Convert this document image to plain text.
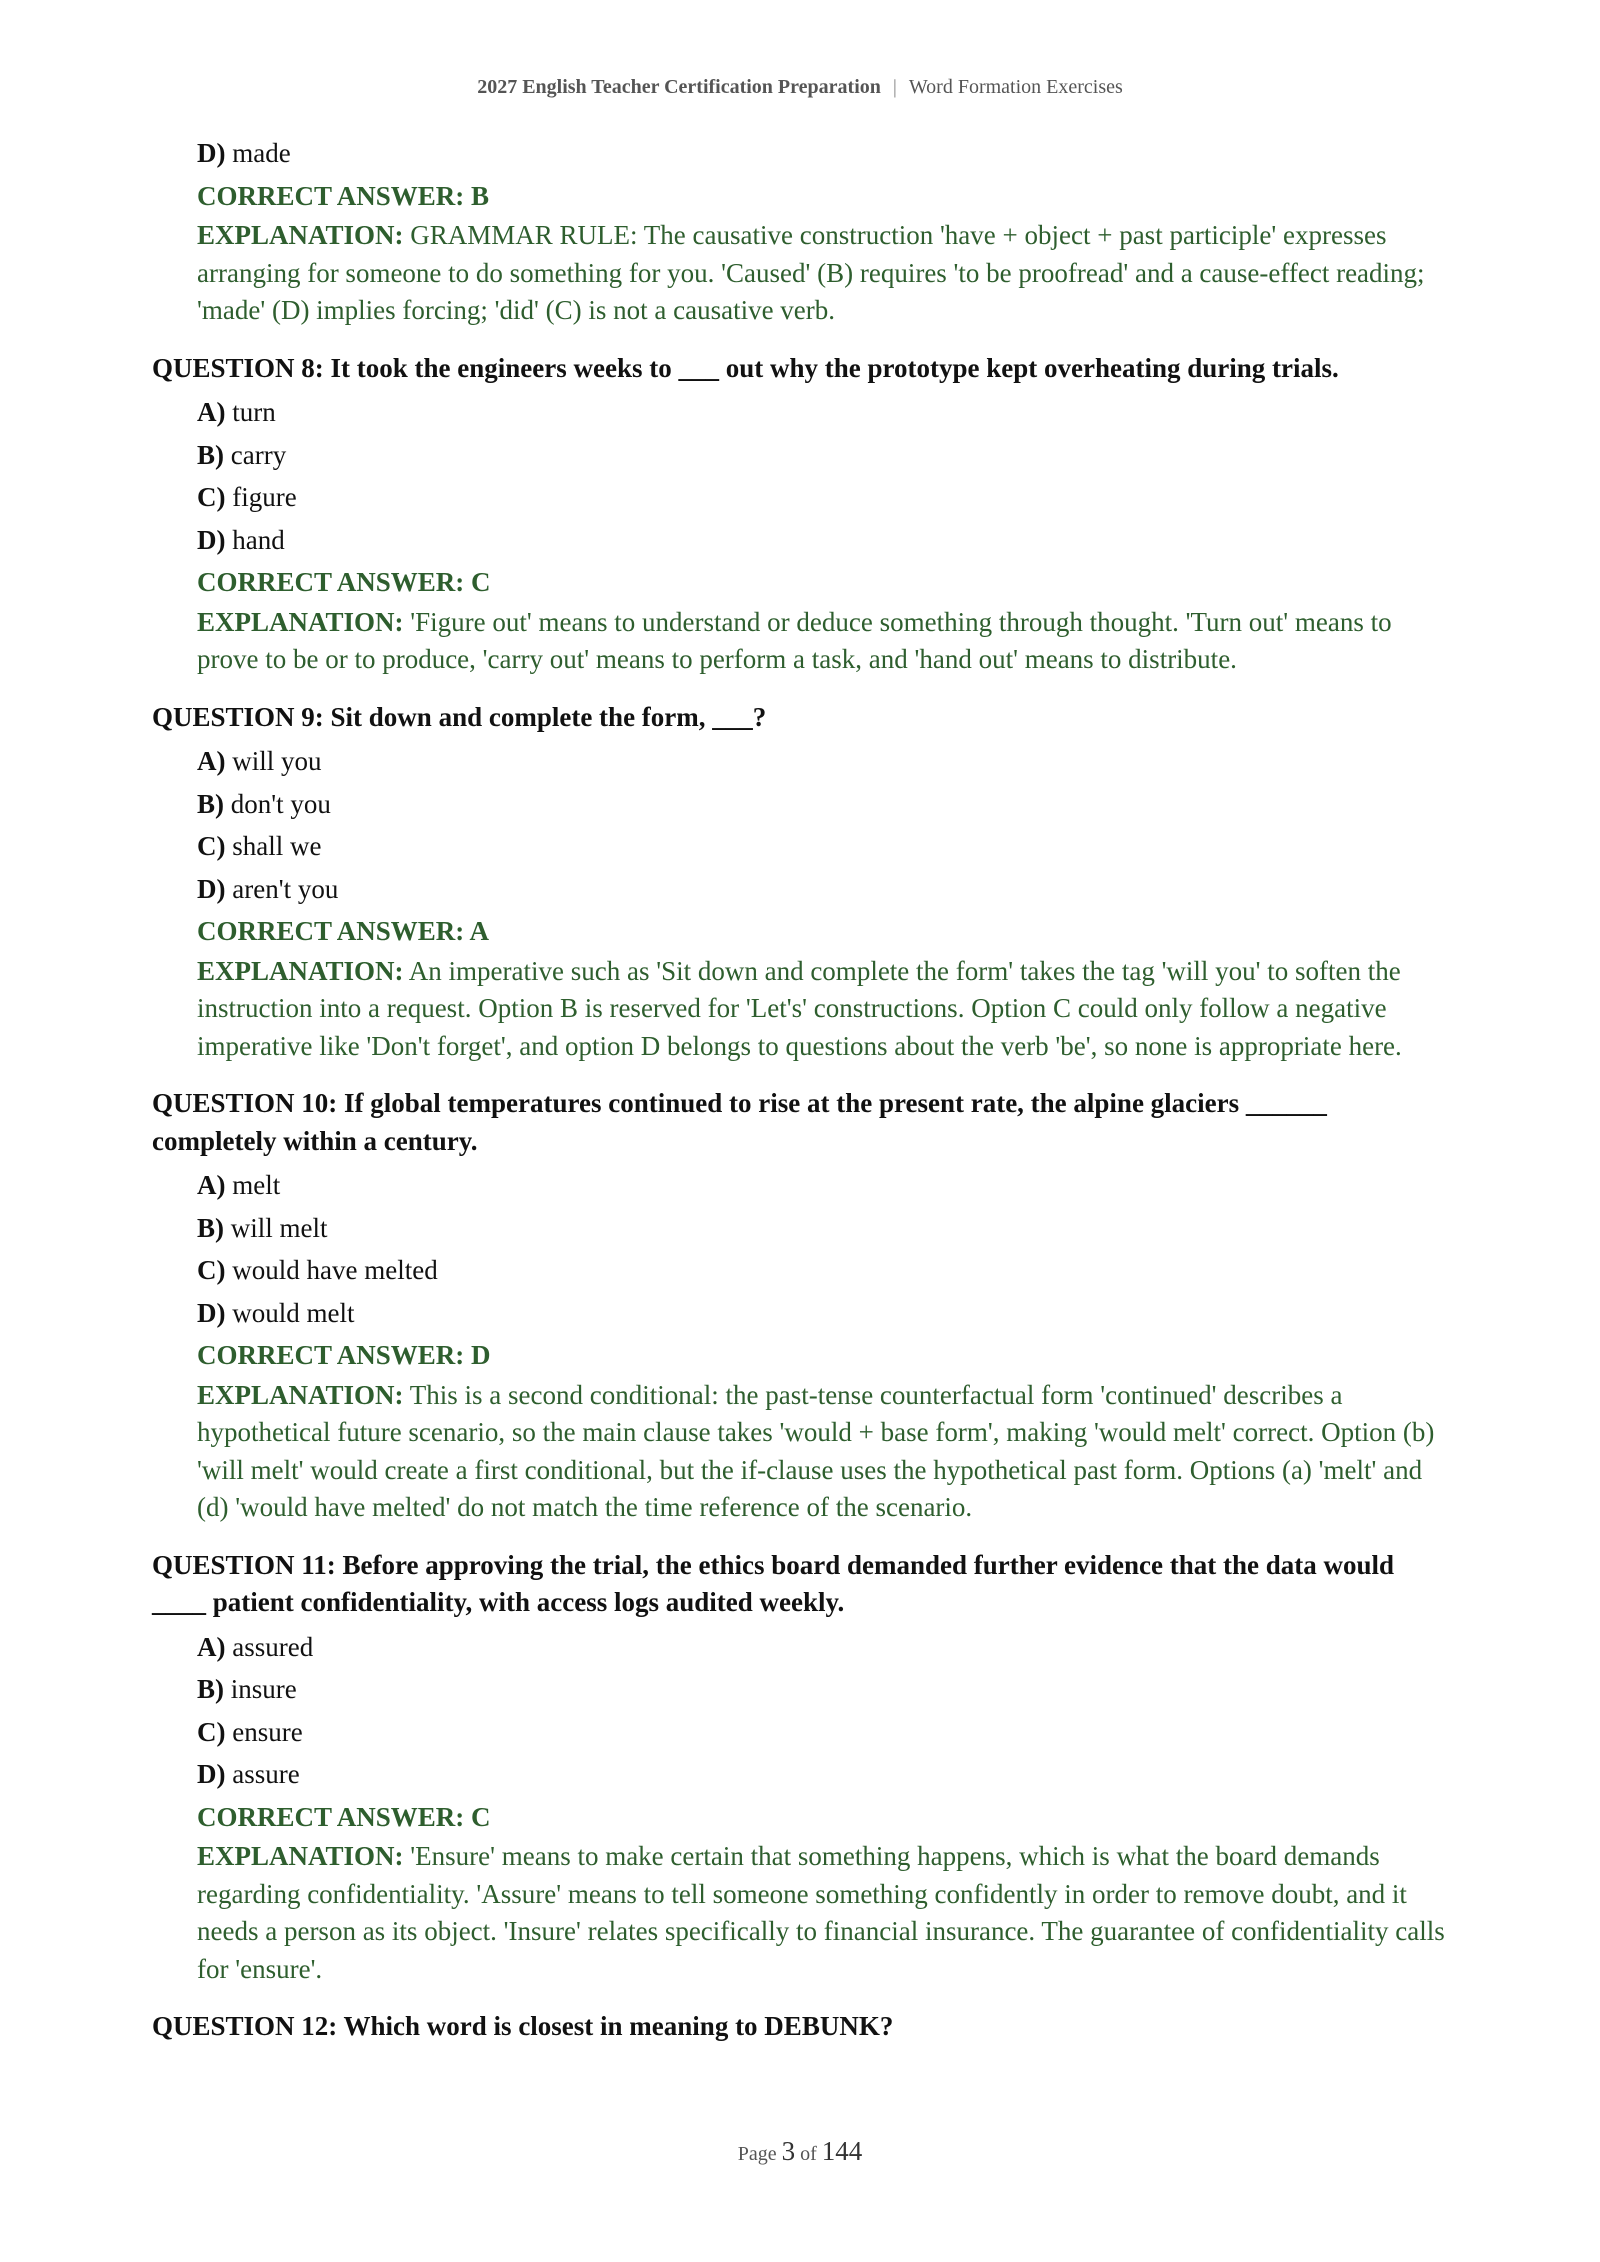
2027 English Teacher Certification Preparation | Word Formation Exercises
D) made
CORRECT ANSWER: B
EXPLANATION: GRAMMAR RULE: The causative construction 'have + object + past participle' expresses arranging for someone to do something for you. 'Caused' (B) requires 'to be proofread' and a cause-effect reading; 'made' (D) implies forcing; 'did' (C) is not a causative verb.
QUESTION 8: It took the engineers weeks to ___ out why the prototype kept overheating during trials.
A) turn
B) carry
C) figure
D) hand
CORRECT ANSWER: C
EXPLANATION: 'Figure out' means to understand or deduce something through thought. 'Turn out' means to prove to be or to produce, 'carry out' means to perform a task, and 'hand out' means to distribute.
QUESTION 9: Sit down and complete the form, ___?
A) will you
B) don't you
C) shall we
D) aren't you
CORRECT ANSWER: A
EXPLANATION: An imperative such as 'Sit down and complete the form' takes the tag 'will you' to soften the instruction into a request. Option B is reserved for 'Let's' constructions. Option C could only follow a negative imperative like 'Don't forget', and option D belongs to questions about the verb 'be', so none is appropriate here.
QUESTION 10: If global temperatures continued to rise at the present rate, the alpine glaciers ______ completely within a century.
A) melt
B) will melt
C) would have melted
D) would melt
CORRECT ANSWER: D
EXPLANATION: This is a second conditional: the past-tense counterfactual form 'continued' describes a hypothetical future scenario, so the main clause takes 'would + base form', making 'would melt' correct. Option (b) 'will melt' would create a first conditional, but the if-clause uses the hypothetical past form. Options (a) 'melt' and (d) 'would have melted' do not match the time reference of the scenario.
QUESTION 11: Before approving the trial, the ethics board demanded further evidence that the data would ____ patient confidentiality, with access logs audited weekly.
A) assured
B) insure
C) ensure
D) assure
CORRECT ANSWER: C
EXPLANATION: 'Ensure' means to make certain that something happens, which is what the board demands regarding confidentiality. 'Assure' means to tell someone something confidently in order to remove doubt, and it needs a person as its object. 'Insure' relates specifically to financial insurance. The guarantee of confidentiality calls for 'ensure'.
QUESTION 12: Which word is closest in meaning to DEBUNK?
Page 3 of 144
